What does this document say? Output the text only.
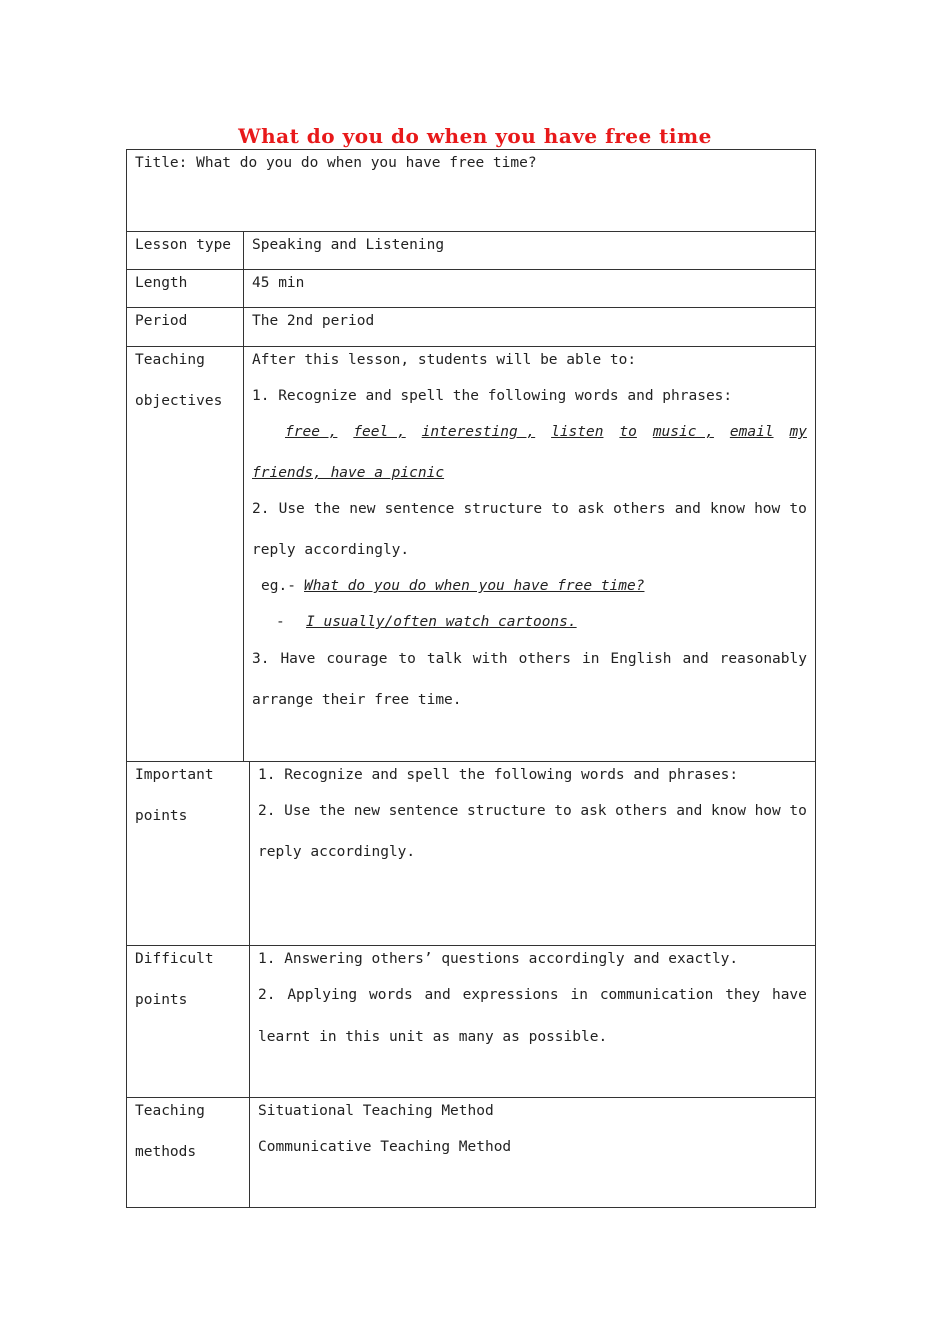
What do you do when you have free time
Title: What do you do when you have free time?
Lesson type Speaking and Listening
Length	45 min
Period	The 2nd period
Teaching
objectives
After this lesson, students will be able to:
1. Recognize and spell the following words and phrases:
free , feel , interesting , listen to music , email my
friends, have a picnic
2. Use the new sentence structure to ask others and know how to
reply accordingly.
eg.- What do you do when you have free time?
- I usually/often watch cartoons.
3. Have courage to talk with others in English and reasonably
arrange their free time.
Important
points
1. Recognize and spell the following words and phrases:
2. Use the new sentence structure to ask others and know how to
reply accordingly.
Difficult
points
1. Answering others’ questions accordingly and exactly.
2. Applying words and expressions in communication they have
learnt in this unit as many as possible.
Teaching
methods
Situational Teaching Method
Communicative Teaching Method
